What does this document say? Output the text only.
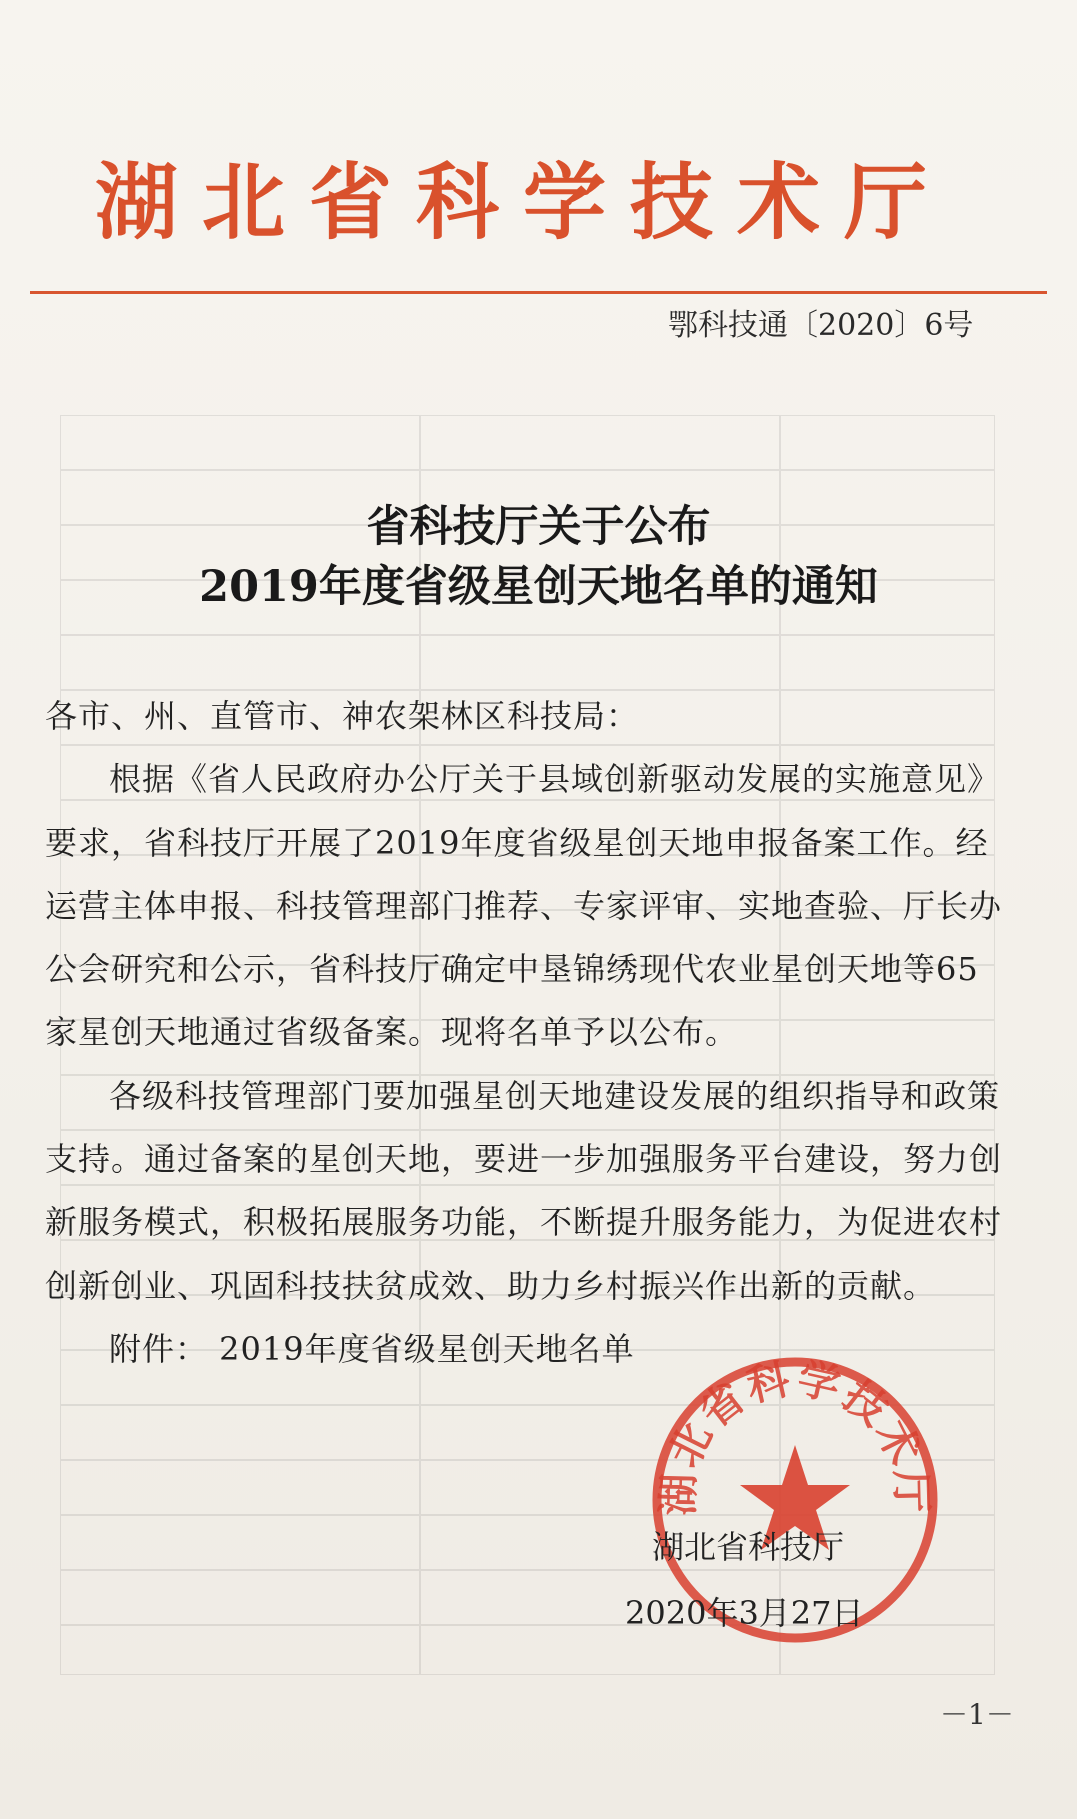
湖北省科学技术厅
鄂科技通〔2020〕6号
省科技厅关于公布
2019年度省级星创天地名单的通知

各市、州、直管市、神农架林区科技局：

根据《省人民政府办公厅关于县域创新驱动发展的实施意见》要求，省科技厅开展了2019年度省级星创天地申报备案工作。经运营主体申报、科技管理部门推荐、专家评审、实地查验、厅长办公会研究和公示，省科技厅确定中垦锦绣现代农业星创天地等65家星创天地通过省级备案。现将名单予以公布。

各级科技管理部门要加强星创天地建设发展的组织指导和政策支持。通过备案的星创天地，要进一步加强服务平台建设，努力创新服务模式，积极拓展服务功能，不断提升服务能力，为促进农村创新创业、巩固科技扶贫成效、助力乡村振兴作出新的贡献。

附件： 2019年度省级星创天地名单

湖北省科学技术厅
湖北省科技厅
2020年3月27日
－1－
